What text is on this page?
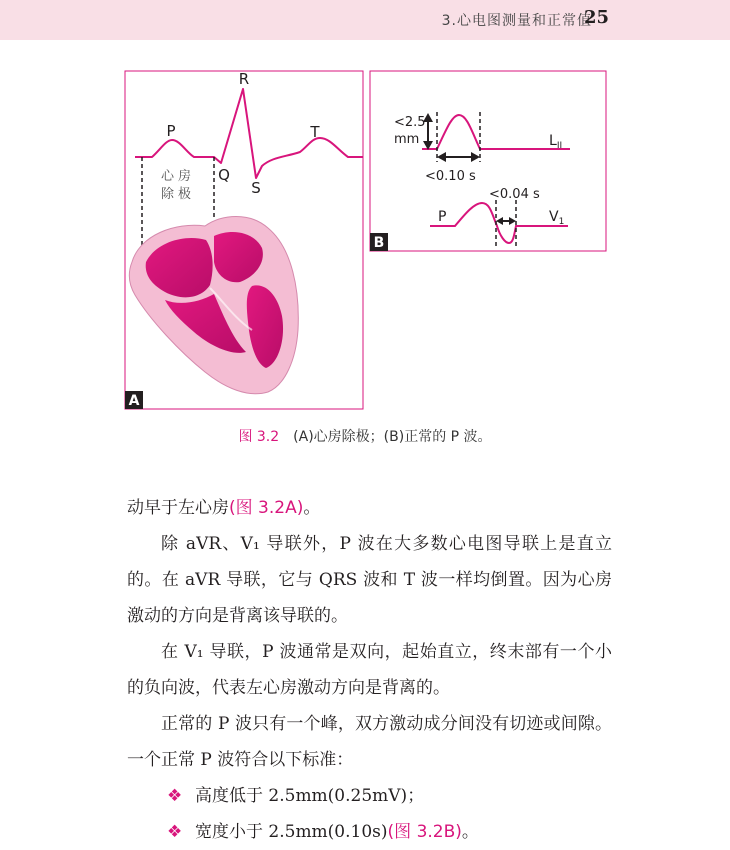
3.心电图测量和正常值
25
R
P	T
Q
S
心房
除极
A
<2.5
mm
<0.10 s
$L_{II}$
<0.04 s
P	$V_1$
B
图 3.2 (A)心房除极；(B)正常的 P 波。

动早于左心房(图 3.2A)。

除 aVR、V₁ 导联外，P 波在大多数心电图导联上是直立的。在 aVR 导联，它与 QRS 波和 T 波一样均倒置。因为心房激动的方向是背离该导联的。

在 V₁ 导联，P 波通常是双向，起始直立，终末部有一个小的负向波，代表左心房激动方向是背离的。

正常的 P 波只有一个峰，双方激动成分间没有切迹或间隙。一个正常 P 波符合以下标准：

❖ 高度低于 2.5mm(0.25mV)；

❖ 宽度小于 2.5mm(0.10s)(图 3.2B)。
